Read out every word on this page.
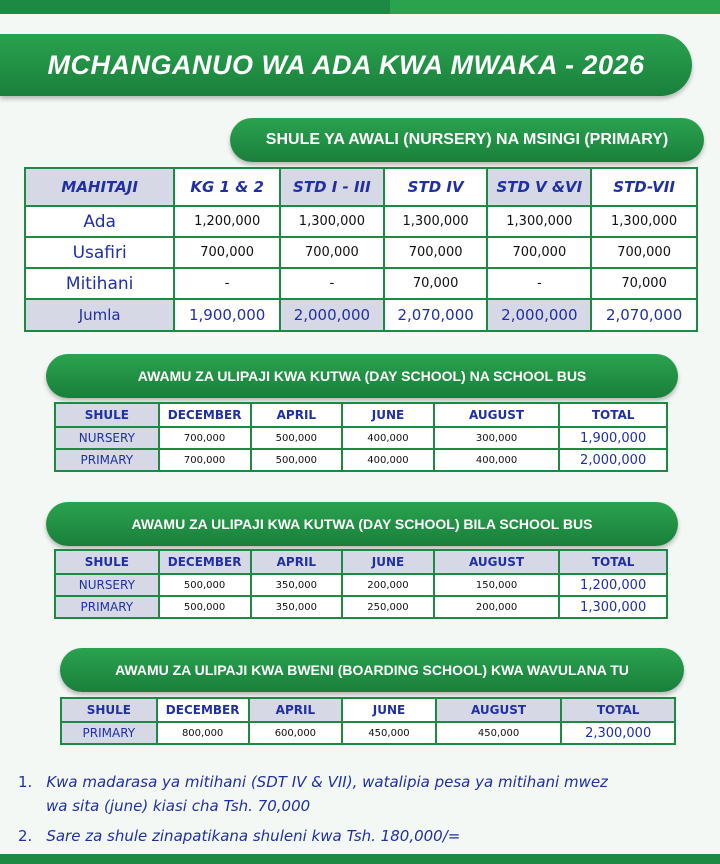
MCHANGANUO WA ADA KWA MWAKA - 2026
SHULE YA AWALI (NURSERY) NA MSINGI (PRIMARY)
MAHITAJI	KG 1 & 2	STD I - III	STD IV	STD V &VI	STD-VII
Ada	1,200,000	1,300,000	1,300,000	1,300,000	1,300,000
Usafiri	700,000	700,000	700,000	700,000	700,000
Mitihani	-	-	70,000	-	70,000
Jumla	1,900,000	2,000,000	2,070,000	2,000,000	2,070,000
AWAMU ZA ULIPAJI KWA KUTWA (DAY SCHOOL) NA SCHOOL BUS
SHULE	DECEMBER	APRIL	JUNE	AUGUST	TOTAL
NURSERY	700,000	500,000	400,000	300,000	1,900,000
PRIMARY	700,000	500,000	400,000	400,000	2,000,000
AWAMU ZA ULIPAJI KWA KUTWA (DAY SCHOOL) BILA SCHOOL BUS
SHULE	DECEMBER	APRIL	JUNE	AUGUST	TOTAL
NURSERY	500,000	350,000	200,000	150,000	1,200,000
PRIMARY	500,000	350,000	250,000	200,000	1,300,000
AWAMU ZA ULIPAJI KWA BWENI (BOARDING SCHOOL) KWA WAVULANA TU
SHULE	DECEMBER	APRIL	JUNE	AUGUST	TOTAL
PRIMARY	800,000	600,000	450,000	450,000	2,300,000
1. Kwa madarasa ya mitihani (SDT IV & VII), watalipia pesa ya mitihani mwez
wa sita (june) kiasi cha Tsh. 70,000
2. Sare za shule zinapatikana shuleni kwa Tsh. 180,000/=
